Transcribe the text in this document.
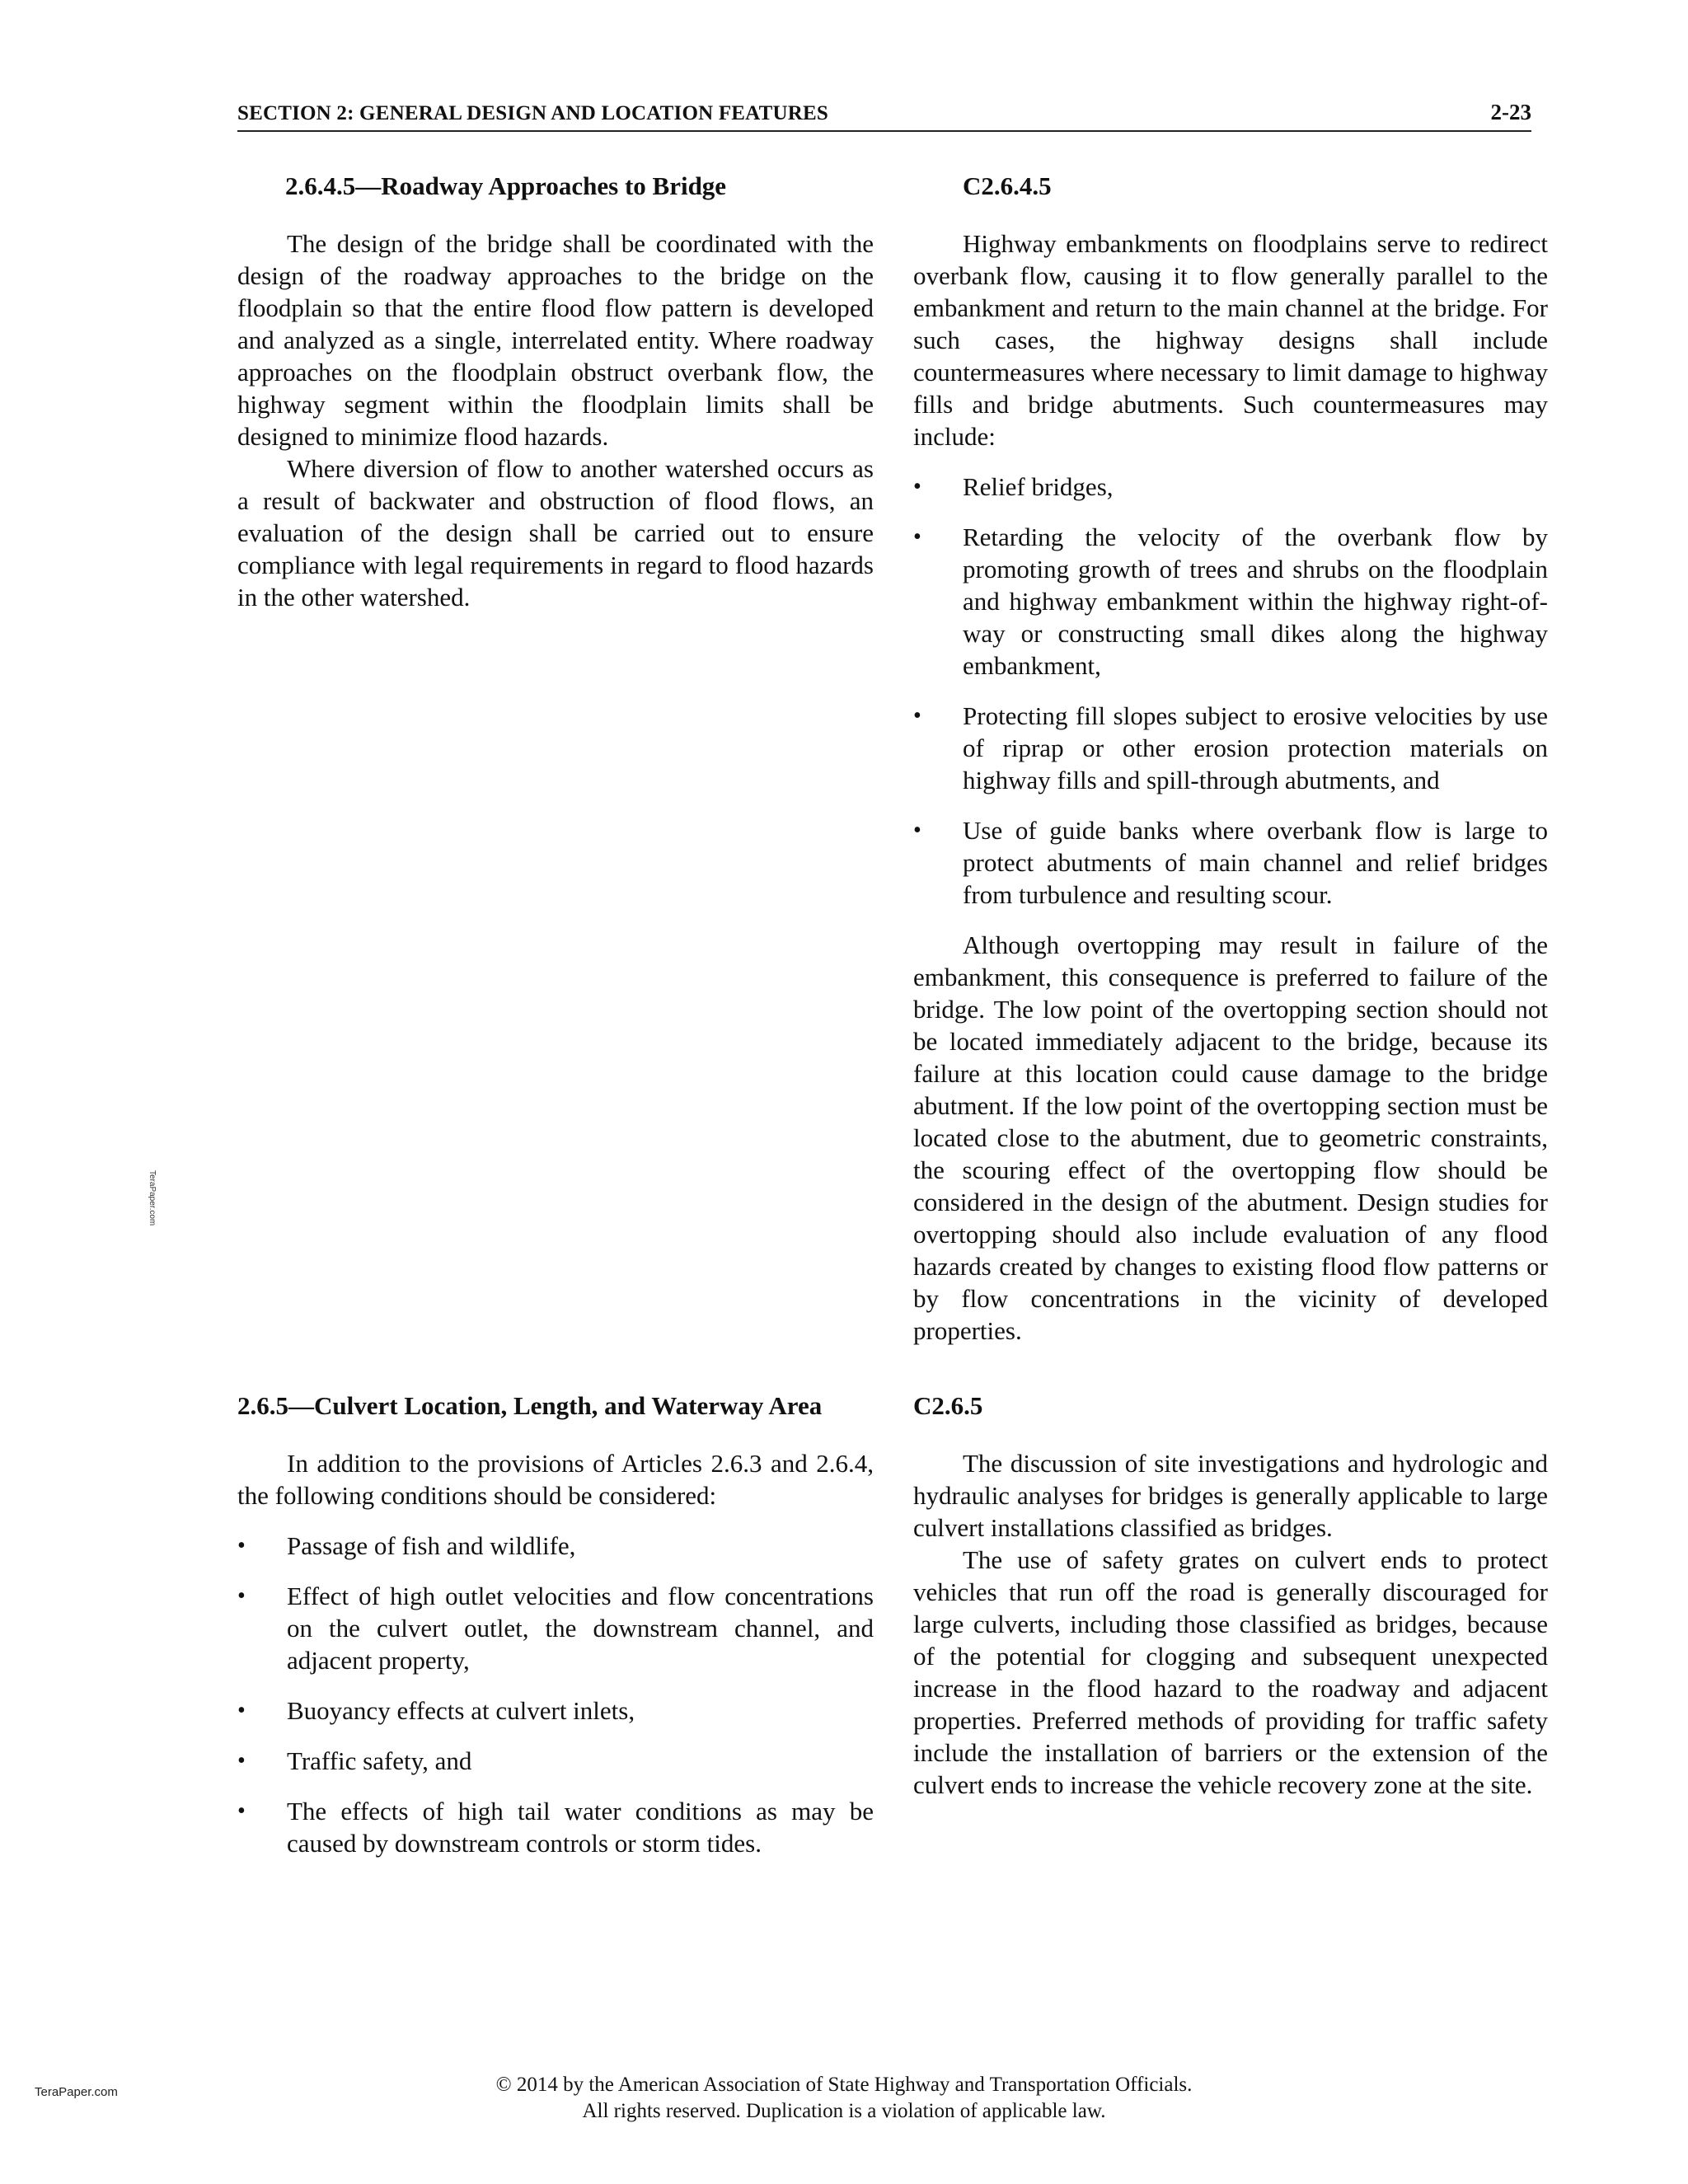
SECTION 2: GENERAL DESIGN AND LOCATION FEATURES	2-23

2.6.4.5—Roadway Approaches to Bridge

The design of the bridge shall be coordinated with the design of the roadway approaches to the bridge on the floodplain so that the entire flood flow pattern is developed and analyzed as a single, interrelated entity. Where roadway approaches on the floodplain obstruct overbank flow, the highway segment within the floodplain limits shall be designed to minimize flood hazards.

Where diversion of flow to another watershed occurs as a result of backwater and obstruction of flood flows, an evaluation of the design shall be carried out to ensure compliance with legal requirements in regard to flood hazards in the other watershed.

C2.6.4.5

Highway embankments on floodplains serve to redirect overbank flow, causing it to flow generally parallel to the embankment and return to the main channel at the bridge. For such cases, the highway designs shall include countermeasures where necessary to limit damage to highway fills and bridge abutments. Such countermeasures may include:

• Relief bridges,
• Retarding the velocity of the overbank flow by promoting growth of trees and shrubs on the floodplain and highway embankment within the highway right-of-way or constructing small dikes along the highway embankment,
• Protecting fill slopes subject to erosive velocities by use of riprap or other erosion protection materials on highway fills and spill-through abutments, and
• Use of guide banks where overbank flow is large to protect abutments of main channel and relief bridges from turbulence and resulting scour.

Although overtopping may result in failure of the embankment, this consequence is preferred to failure of the bridge. The low point of the overtopping section should not be located immediately adjacent to the bridge, because its failure at this location could cause damage to the bridge abutment. If the low point of the overtopping section must be located close to the abutment, due to geometric constraints, the scouring effect of the overtopping flow should be considered in the design of the abutment. Design studies for overtopping should also include evaluation of any flood hazards created by changes to existing flood flow patterns or by flow concentrations in the vicinity of developed properties.

2.6.5—Culvert Location, Length, and Waterway Area

In addition to the provisions of Articles 2.6.3 and 2.6.4, the following conditions should be considered:

• Passage of fish and wildlife,
• Effect of high outlet velocities and flow concentrations on the culvert outlet, the downstream channel, and adjacent property,
• Buoyancy effects at culvert inlets,
• Traffic safety, and
• The effects of high tail water conditions as may be caused by downstream controls or storm tides.

C2.6.5

The discussion of site investigations and hydrologic and hydraulic analyses for bridges is generally applicable to large culvert installations classified as bridges.

The use of safety grates on culvert ends to protect vehicles that run off the road is generally discouraged for large culverts, including those classified as bridges, because of the potential for clogging and subsequent unexpected increase in the flood hazard to the roadway and adjacent properties. Preferred methods of providing for traffic safety include the installation of barriers or the extension of the culvert ends to increase the vehicle recovery zone at the site.

TeraPaper.com
TeraPaper.com	© 2014 by the American Association of State Highway and Transportation Officials.
All rights reserved. Duplication is a violation of applicable law.
